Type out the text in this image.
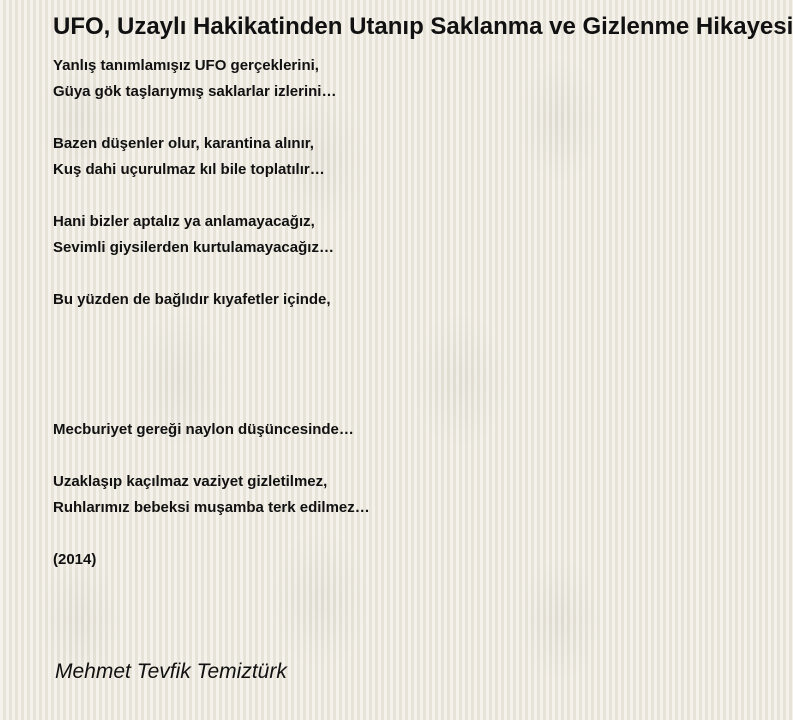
UFO, Uzaylı Hakikatinden Utanıp Saklanma ve Gizlenme Hikayesi
Yanlış tanımlamışız UFO gerçeklerini,
Güya gök taşlarıymış saklarlar izlerini…
Bazen düşenler olur, karantina alınır,
Kuş dahi uçurulmaz kıl bile toplatılır…
Hani bizler aptalız ya anlamayacağız,
Sevimli giysilerden kurtulamayacağız…
Bu yüzden de bağlıdır kıyafetler içinde,
Mecburiyet gereği naylon düşüncesinde…
Uzaklaşıp kaçılmaz vaziyet gizletilmez,
Ruhlarımız bebeksi muşamba terk edilmez…
(2014)
Mehmet Tevfik Temiztürk
